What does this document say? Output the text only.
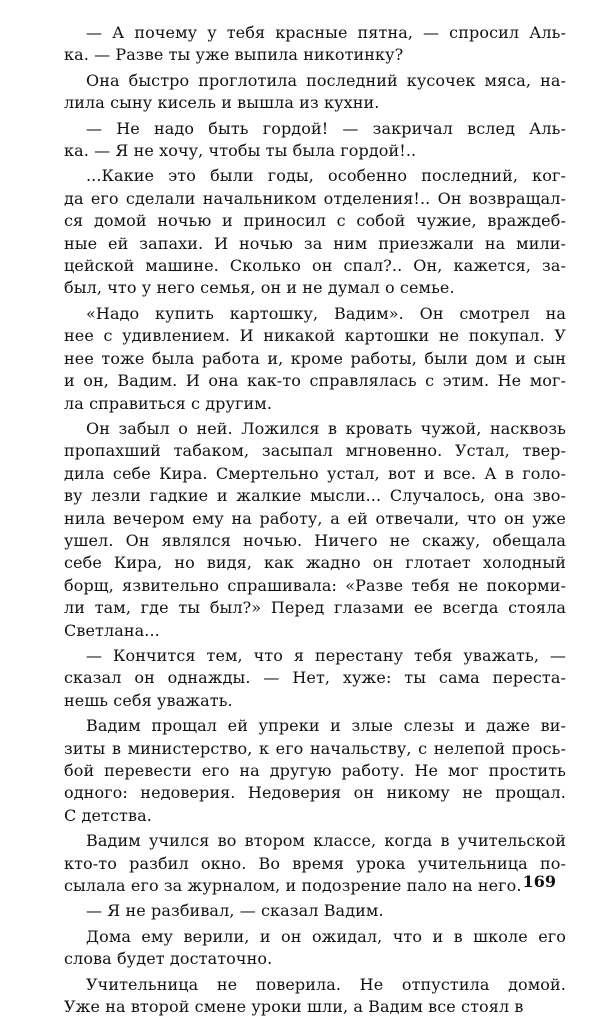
— А почему у тебя красные пятна, — спросил Аль-
ка. — Разве ты уже выпила никотинку?
Она быстро проглотила последний кусочек мяса, на-
лила сыну кисель и вышла из кухни.
— Не надо быть гордой! — закричал вслед Аль-
ка. — Я не хочу, чтобы ты была гордой!..
...Какие это были годы, особенно последний, ког-
да его сделали начальником отделения!.. Он возвращал-
ся домой ночью и приносил с собой чужие, враждеб-
ные ей запахи. И ночью за ним приезжали на мили-
цейской машине. Сколько он спал?.. Он, кажется, за-
был, что у него семья, он и не думал о семье.
«Надо купить картошку, Вадим». Он смотрел на
нее с удивлением. И никакой картошки не покупал. У
нее тоже была работа и, кроме работы, были дом и сын
и он, Вадим. И она как-то справлялась с этим. Не мог-
ла справиться с другим.
Он забыл о ней. Ложился в кровать чужой, насквозь
пропахший табаком, засыпал мгновенно. Устал, твер-
дила себе Кира. Смертельно устал, вот и все. А в голо-
ву лезли гадкие и жалкие мысли... Случалось, она зво-
нила вечером ему на работу, а ей отвечали, что он уже
ушел. Он являлся ночью. Ничего не скажу, обещала
себе Кира, но видя, как жадно он глотает холодный
борщ, язвительно спрашивала: «Разве тебя не покорми-
ли там, где ты был?» Перед глазами ее всегда стояла
Светлана...
— Кончится тем, что я перестану тебя уважать, —
сказал он однажды. — Нет, хуже: ты сама переста-
нешь себя уважать.
Вадим прощал ей упреки и злые слезы и даже ви-
зиты в министерство, к его начальству, с нелепой прось-
бой перевести его на другую работу. Не мог простить
одного: недоверия. Недоверия он никому не прощал.
С детства.
Вадим учился во втором классе, когда в учительской
кто-то разбил окно. Во время урока учительница по-
сылала его за журналом, и подозрение пало на него.
— Я не разбивал, — сказал Вадим.
Дома ему верили, и он ожидал, что и в школе его
слова будет достаточно.
Учительница не поверила. Не отпустила домой.
Уже на второй смене уроки шли, а Вадим все стоял в
169
